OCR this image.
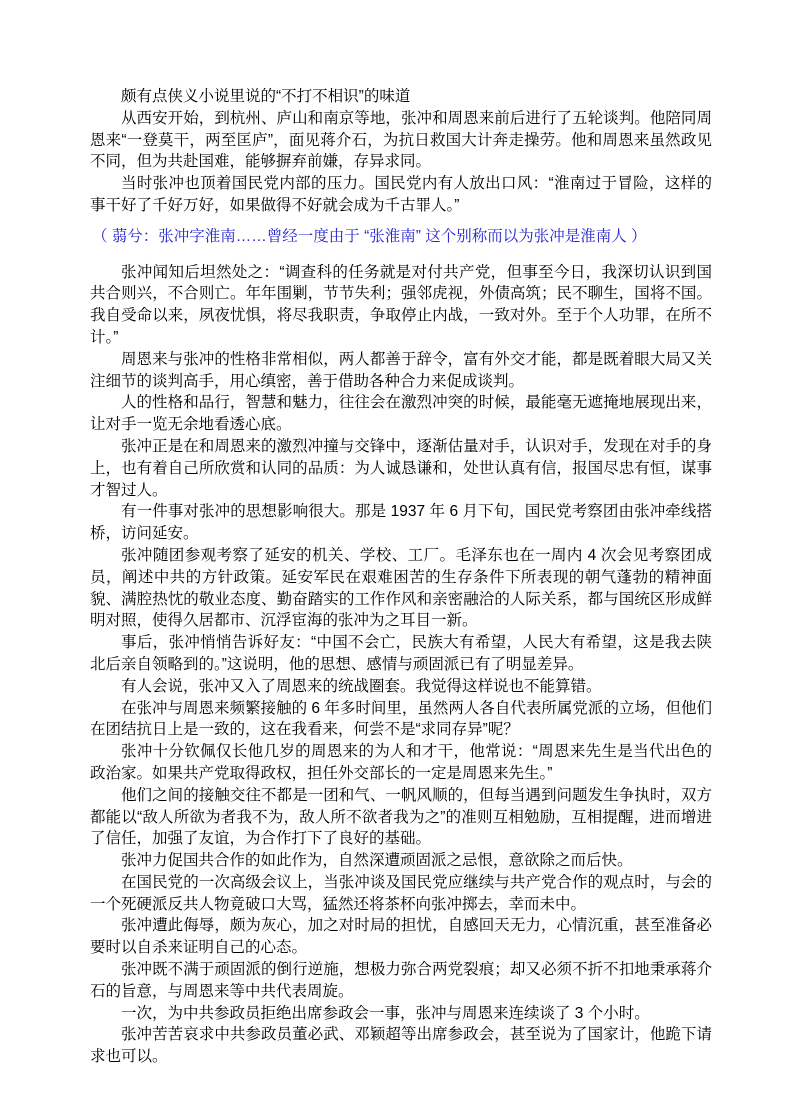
颇有点侠义小说里说的“不打不相识”的味道

从西安开始，到杭州、庐山和南京等地，张冲和周恩来前后进行了五轮谈判。他陪同周恩来“一登莫干，两至匡庐”，面见蒋介石，为抗日救国大计奔走操劳。他和周恩来虽然政见不同，但为共赴国难，能够摒弃前嫌，存异求同。

当时张冲也顶着国民党内部的压力。国民党内有人放出口风：“淮南过于冒险，这样的事干好了千好万好，如果做得不好就会成为千古罪人。”

（ 蒻兮：张冲字淮南……曾经一度由于 “张淮南” 这个别称而以为张冲是淮南人 ）

张冲闻知后坦然处之：“调查科的任务就是对付共产党，但事至今日，我深切认识到国共合则兴，不合则亡。年年围剿，节节失利；强邻虎视，外债高筑；民不聊生，国将不国。我自受命以来，夙夜忧惧，将尽我职责，争取停止内战，一致对外。至于个人功罪，在所不计。”

周恩来与张冲的性格非常相似，两人都善于辞令，富有外交才能，都是既着眼大局又关注细节的谈判高手，用心缜密，善于借助各种合力来促成谈判。

人的性格和品行，智慧和魅力，往往会在激烈冲突的时候，最能毫无遮掩地展现出来，让对手一览无余地看透心底。

张冲正是在和周恩来的激烈冲撞与交锋中，逐渐估量对手，认识对手，发现在对手的身上，也有着自己所欣赏和认同的品质：为人诚恳谦和，处世认真有信，报国尽忠有恒，谋事才智过人。

有一件事对张冲的思想影响很大。那是 1937 年 6 月下旬，国民党考察团由张冲牵线搭桥，访问延安。

张冲随团参观考察了延安的机关、学校、工厂。毛泽东也在一周内 4 次会见考察团成员，阐述中共的方针政策。延安军民在艰难困苦的生存条件下所表现的朝气蓬勃的精神面貌、满腔热忱的敬业态度、勤奋踏实的工作作风和亲密融洽的人际关系，都与国统区形成鲜明对照，使得久居都市、沉浮宦海的张冲为之耳目一新。

事后，张冲悄悄告诉好友：“中国不会亡，民族大有希望，人民大有希望，这是我去陕北后亲自领略到的。”这说明，他的思想、感情与顽固派已有了明显差异。

有人会说，张冲又入了周恩来的统战圈套。我觉得这样说也不能算错。

在张冲与周恩来频繁接触的 6 年多时间里，虽然两人各自代表所属党派的立场，但他们在团结抗日上是一致的，这在我看来，何尝不是“求同存异”呢？

张冲十分钦佩仅长他几岁的周恩来的为人和才干，他常说：“周恩来先生是当代出色的政治家。如果共产党取得政权，担任外交部长的一定是周恩来先生。”

他们之间的接触交往不都是一团和气、一帆风顺的，但每当遇到问题发生争执时，双方都能以“敌人所欲为者我不为，敌人所不欲者我为之”的准则互相勉励，互相提醒，进而增进了信任，加强了友谊，为合作打下了良好的基础。

张冲力促国共合作的如此作为，自然深遭顽固派之忌恨，意欲除之而后快。

在国民党的一次高级会议上，当张冲谈及国民党应继续与共产党合作的观点时，与会的一个死硬派反共人物竟破口大骂，猛然还将茶杯向张冲掷去，幸而未中。

张冲遭此侮辱，颇为灰心，加之对时局的担忧，自感回天无力，心情沉重，甚至准备必要时以自杀来证明自己的心态。

张冲既不满于顽固派的倒行逆施，想极力弥合两党裂痕；却又必须不折不扣地秉承蒋介石的旨意，与周恩来等中共代表周旋。

一次，为中共参政员拒绝出席参政会一事，张冲与周恩来连续谈了 3 个小时。

张冲苦苦哀求中共参政员董必武、邓颖超等出席参政会，甚至说为了国家计，他跪下请求也可以。
